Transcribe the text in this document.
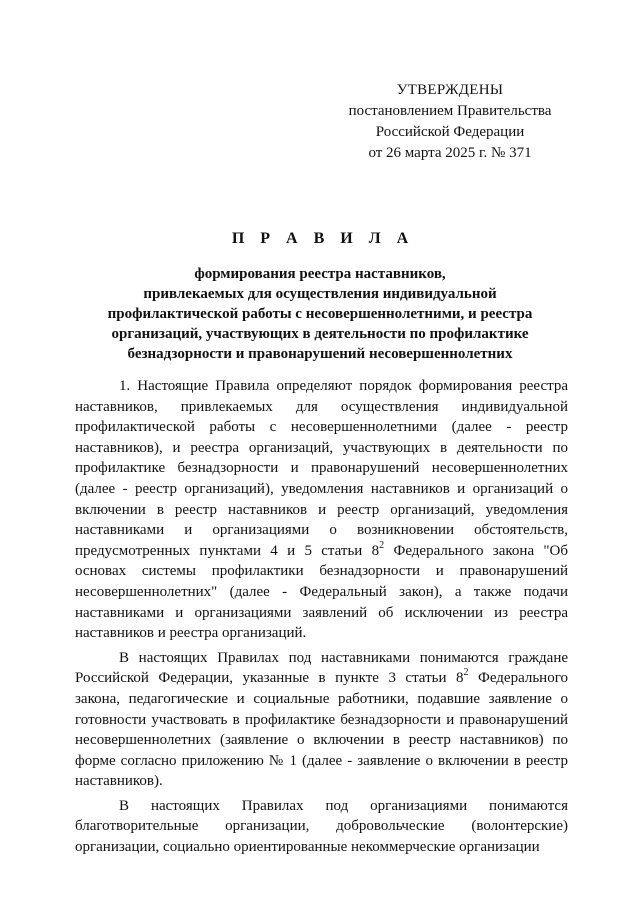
УТВЕРЖДЕНЫ
постановлением Правительства
Российской Федерации
от 26 марта 2025 г. № 371
П Р А В И Л А
формирования реестра наставников,
привлекаемых для осуществления индивидуальной
профилактической работы с несовершеннолетними, и реестра
организаций, участвующих в деятельности по профилактике
безнадзорности и правонарушений несовершеннолетних

1. Настоящие Правила определяют порядок формирования реестра наставников, привлекаемых для осуществления индивидуальной профилактической работы с несовершеннолетними (далее - реестр наставников), и реестра организаций, участвующих в деятельности по профилактике безнадзорности и правонарушений несовершеннолетних (далее - реестр организаций), уведомления наставников и организаций о включении в реестр наставников и реестр организаций, уведомления наставниками и организациями о возникновении обстоятельств, предусмотренных пунктами 4 и 5 статьи $8^2$ Федерального закона "Об основах системы профилактики безнадзорности и правонарушений несовершеннолетних" (далее - Федеральный закон), а также подачи наставниками и организациями заявлений об исключении из реестра наставников и реестра организаций.

В настоящих Правилах под наставниками понимаются граждане Российской Федерации, указанные в пункте 3 статьи $8^2$ Федерального закона, педагогические и социальные работники, подавшие заявление о готовности участвовать в профилактике безнадзорности и правонарушений несовершеннолетних (заявление о включении в реестр наставников) по форме согласно приложению № 1 (далее - заявление о включении в реестр наставников).

В настоящих Правилах под организациями понимаются благотворительные организации, добровольческие (волонтерские) организации, социально ориентированные некоммерческие организации
